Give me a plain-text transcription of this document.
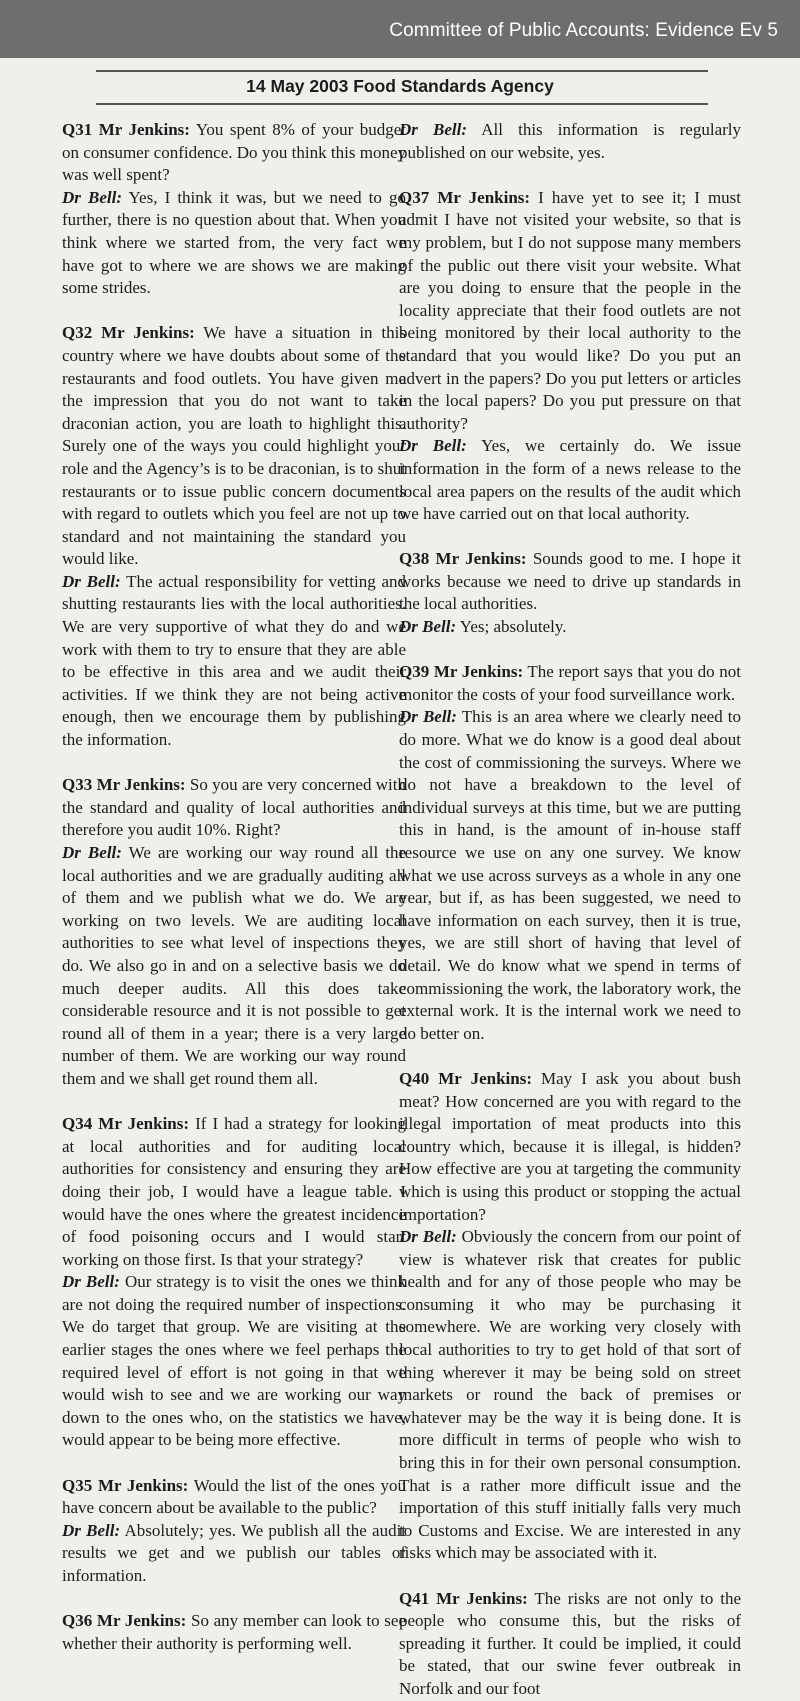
Committee of Public Accounts: Evidence Ev 5
14 May 2003 Food Standards Agency

Q31 Mr Jenkins: You spent 8% of your budget on consumer confidence. Do you think this money was well spent?

Dr Bell: Yes, I think it was, but we need to go further, there is no question about that. When you think where we started from, the very fact we have got to where we are shows we are making some strides.

Q32 Mr Jenkins: We have a situation in this country where we have doubts about some of the restaurants and food outlets. You have given me the impression that you do not want to take draconian action, you are loath to highlight this. Surely one of the ways you could highlight your role and the Agency’s is to be draconian, is to shut restaurants or to issue public concern documents with regard to outlets which you feel are not up to standard and not maintaining the standard you would like.

Dr Bell: The actual responsibility for vetting and shutting restaurants lies with the local authorities. We are very supportive of what they do and we work with them to try to ensure that they are able to be effective in this area and we audit their activities. If we think they are not being active enough, then we encourage them by publishing the information.

Q33 Mr Jenkins: So you are very concerned with the standard and quality of local authorities and therefore you audit 10%. Right?

Dr Bell: We are working our way round all the local authorities and we are gradually auditing all of them and we publish what we do. We are working on two levels. We are auditing local authorities to see what level of inspections they do. We also go in and on a selective basis we do much deeper audits. All this does take considerable resource and it is not possible to get round all of them in a year; there is a very large number of them. We are working our way round them and we shall get round them all.

Q34 Mr Jenkins: If I had a strategy for looking at local authorities and for auditing local authorities for consistency and ensuring they are doing their job, I would have a league table. I would have the ones where the greatest incidence of food poisoning occurs and I would start working on those first. Is that your strategy?

Dr Bell: Our strategy is to visit the ones we think are not doing the required number of inspections. We do target that group. We are visiting at the earlier stages the ones where we feel perhaps the required level of effort is not going in that we would wish to see and we are working our way down to the ones who, on the statistics we have, would appear to be being more effective.

Q35 Mr Jenkins: Would the list of the ones you have concern about be available to the public?

Dr Bell: Absolutely; yes. We publish all the audit results we get and we publish our tables of information.

Q36 Mr Jenkins: So any member can look to see whether their authority is performing well.

Dr Bell: All this information is regularly published on our website, yes.

Q37 Mr Jenkins: I have yet to see it; I must admit I have not visited your website, so that is my problem, but I do not suppose many members of the public out there visit your website. What are you doing to ensure that the people in the locality appreciate that their food outlets are not being monitored by their local authority to the standard that you would like? Do you put an advert in the papers? Do you put letters or articles in the local papers? Do you put pressure on that authority?

Dr Bell: Yes, we certainly do. We issue information in the form of a news release to the local area papers on the results of the audit which we have carried out on that local authority.

Q38 Mr Jenkins: Sounds good to me. I hope it works because we need to drive up standards in the local authorities.

Dr Bell: Yes; absolutely.

Q39 Mr Jenkins: The report says that you do not monitor the costs of your food surveillance work.

Dr Bell: This is an area where we clearly need to do more. What we do know is a good deal about the cost of commissioning the surveys. Where we do not have a breakdown to the level of individual surveys at this time, but we are putting this in hand, is the amount of in-house staff resource we use on any one survey. We know what we use across surveys as a whole in any one year, but if, as has been suggested, we need to have information on each survey, then it is true, yes, we are still short of having that level of detail. We do know what we spend in terms of commissioning the work, the laboratory work, the external work. It is the internal work we need to do better on.

Q40 Mr Jenkins: May I ask you about bush meat? How concerned are you with regard to the illegal importation of meat products into this country which, because it is illegal, is hidden? How effective are you at targeting the community which is using this product or stopping the actual importation?

Dr Bell: Obviously the concern from our point of view is whatever risk that creates for public health and for any of those people who may be consuming it who may be purchasing it somewhere. We are working very closely with local authorities to try to get hold of that sort of thing wherever it may be being sold on street markets or round the back of premises or whatever may be the way it is being done. It is more difficult in terms of people who wish to bring this in for their own personal consumption. That is a rather more difficult issue and the importation of this stuff initially falls very much to Customs and Excise. We are interested in any risks which may be associated with it.

Q41 Mr Jenkins: The risks are not only to the people who consume this, but the risks of spreading it further. It could be implied, it could be stated, that our swine fever outbreak in Norfolk and our foot
